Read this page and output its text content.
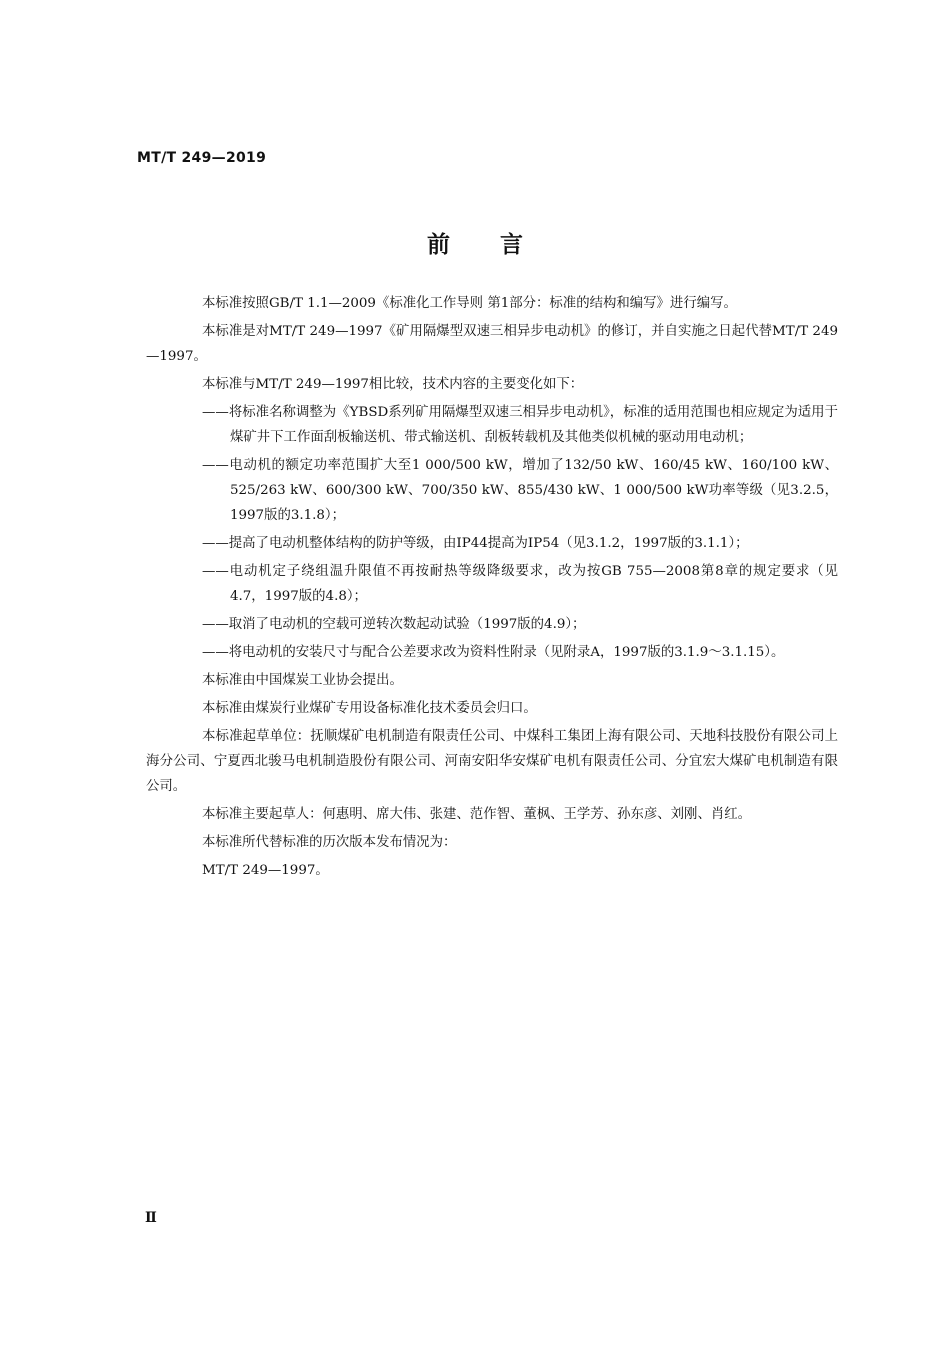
MT/T 249—2019
前言

本标准按照GB/T 1.1—2009《标准化工作导则 第1部分：标准的结构和编写》进行编写。

本标准是对MT/T 249—1997《矿用隔爆型双速三相异步电动机》的修订，并自实施之日起代替MT/T 249—1997。

本标准与MT/T 249—1997相比较，技术内容的主要变化如下：

——将标准名称调整为《YBSD系列矿用隔爆型双速三相异步电动机》，标准的适用范围也相应规定为适用于煤矿井下工作面刮板输送机、带式输送机、刮板转载机及其他类似机械的驱动用电动机；

——电动机的额定功率范围扩大至1 000/500 kW，增加了132/50 kW、160/45 kW、160/100 kW、525/263 kW、600/300 kW、700/350 kW、855/430 kW、1 000/500 kW功率等级（见3.2.5，1997版的3.1.8）；

——提高了电动机整体结构的防护等级，由IP44提高为IP54（见3.1.2，1997版的3.1.1）；

——电动机定子绕组温升限值不再按耐热等级降级要求，改为按GB 755—2008第8章的规定要求（见4.7，1997版的4.8）；

——取消了电动机的空载可逆转次数起动试验（1997版的4.9）；

——将电动机的安装尺寸与配合公差要求改为资料性附录（见附录A，1997版的3.1.9～3.1.15）。

本标准由中国煤炭工业协会提出。

本标准由煤炭行业煤矿专用设备标准化技术委员会归口。

本标准起草单位：抚顺煤矿电机制造有限责任公司、中煤科工集团上海有限公司、天地科技股份有限公司上海分公司、宁夏西北骏马电机制造股份有限公司、河南安阳华安煤矿电机有限责任公司、分宜宏大煤矿电机制造有限公司。

本标准主要起草人：何惠明、席大伟、张建、范作智、董枫、王学芳、孙东彦、刘刚、肖红。

本标准所代替标准的历次版本发布情况为：

MT/T 249—1997。

Ⅱ
